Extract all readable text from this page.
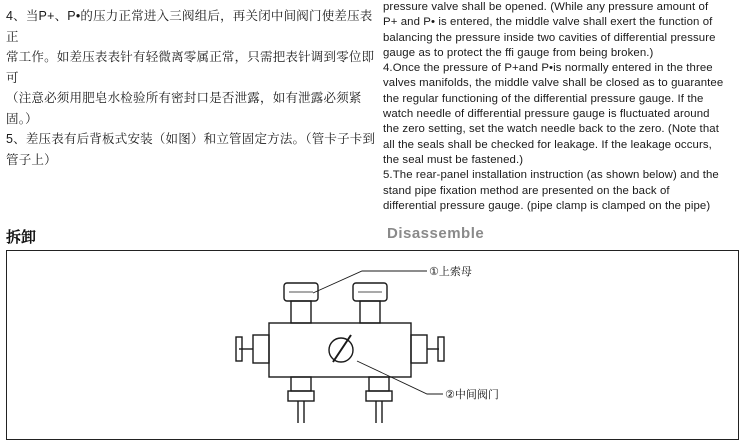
4、当P+、P•的压力正常进入三阀组后，再关闭中间阀门使差压表正

常工作。如差压表表针有轻微离零属正常，只需把表针调到零位即可

（注意必须用肥皂水检验所有密封口是否泄露，如有泄露必须紧固。）

5、差压表有后背板式安装（如图）和立管固定方法。（管卡子卡到

管子上）

pressure valve shall be opened. (While any pressure amount of

P+ and P• is entered, the middle valve shall exert the function of

balancing the pressure inside two cavities of differential pressure

gauge as to protect the ffi gauge from being broken.)

4.Once the pressure of P+and P•is normally entered in the three

valves manifolds, the middle valve shall be closed as to guarantee

the regular functioning of the differential pressure gauge. If the

watch needle of differential pressure gauge is fluctuated around

the zero setting, set the watch needle back to the zero. (Note that

all the seals shall be checked for leakage. If the leakage occurs,

the seal must be fastened.)

5.The rear-panel installation instruction (as shown below) and the

stand pipe fixation method are presented on the back of

differential pressure gauge. (pipe clamp is clamped on the pipe)

拆卸	Disassemble
①上索母
②中间阀门
